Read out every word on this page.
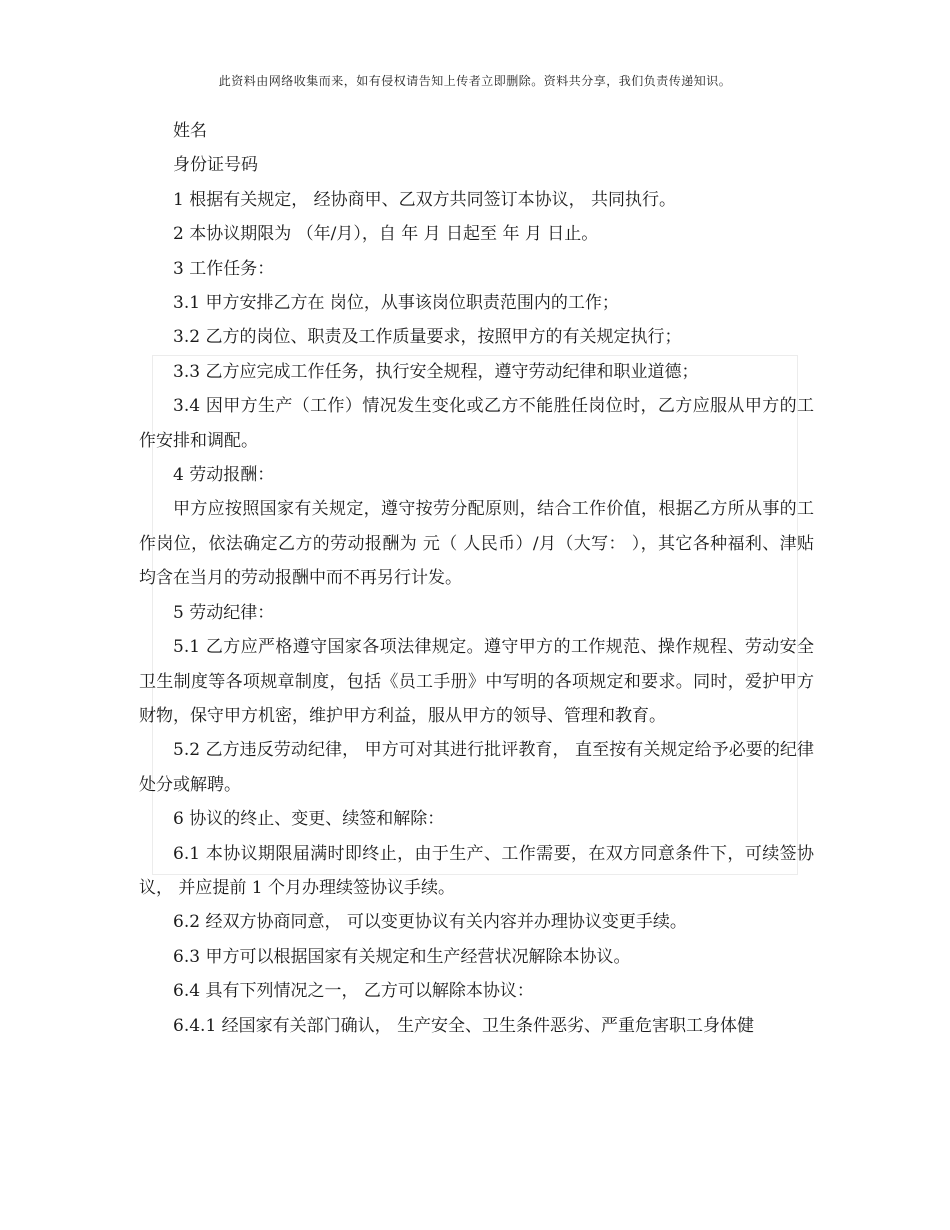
此资料由网络收集而来，如有侵权请告知上传者立即删除。资料共分享，我们负责传递知识。

姓名

身份证号码

1 根据有关规定， 经协商甲、乙双方共同签订本协议， 共同执行。

2 本协议期限为 （年/月），自 年 月 日起至 年 月 日止。

3 工作任务：

3.1 甲方安排乙方在 岗位，从事该岗位职责范围内的工作；

3.2 乙方的岗位、职责及工作质量要求，按照甲方的有关规定执行；

3.3 乙方应完成工作任务，执行安全规程，遵守劳动纪律和职业道德；

3.4 因甲方生产（工作）情况发生变化或乙方不能胜任岗位时，乙方应服从甲方的工作安排和调配。

4 劳动报酬：

甲方应按照国家有关规定，遵守按劳分配原则，结合工作价值，根据乙方所从事的工作岗位，依法确定乙方的劳动报酬为 元（ 人民币）/月（大写： ），其它各种福利、津贴均含在当月的劳动报酬中而不再另行计发。

5 劳动纪律：

5.1 乙方应严格遵守国家各项法律规定。遵守甲方的工作规范、操作规程、劳动安全卫生制度等各项规章制度，包括《员工手册》中写明的各项规定和要求。同时，爱护甲方财物，保守甲方机密，维护甲方利益，服从甲方的领导、管理和教育。

5.2 乙方违反劳动纪律， 甲方可对其进行批评教育， 直至按有关规定给予必要的纪律处分或解聘。

6 协议的终止、变更、续签和解除：

6.1 本协议期限届满时即终止，由于生产、工作需要，在双方同意条件下，可续签协议， 并应提前 1 个月办理续签协议手续。

6.2 经双方协商同意， 可以变更协议有关内容并办理协议变更手续。

6.3 甲方可以根据国家有关规定和生产经营状况解除本协议。

6.4 具有下列情况之一， 乙方可以解除本协议：

6.4.1 经国家有关部门确认， 生产安全、卫生条件恶劣、严重危害职工身体健
